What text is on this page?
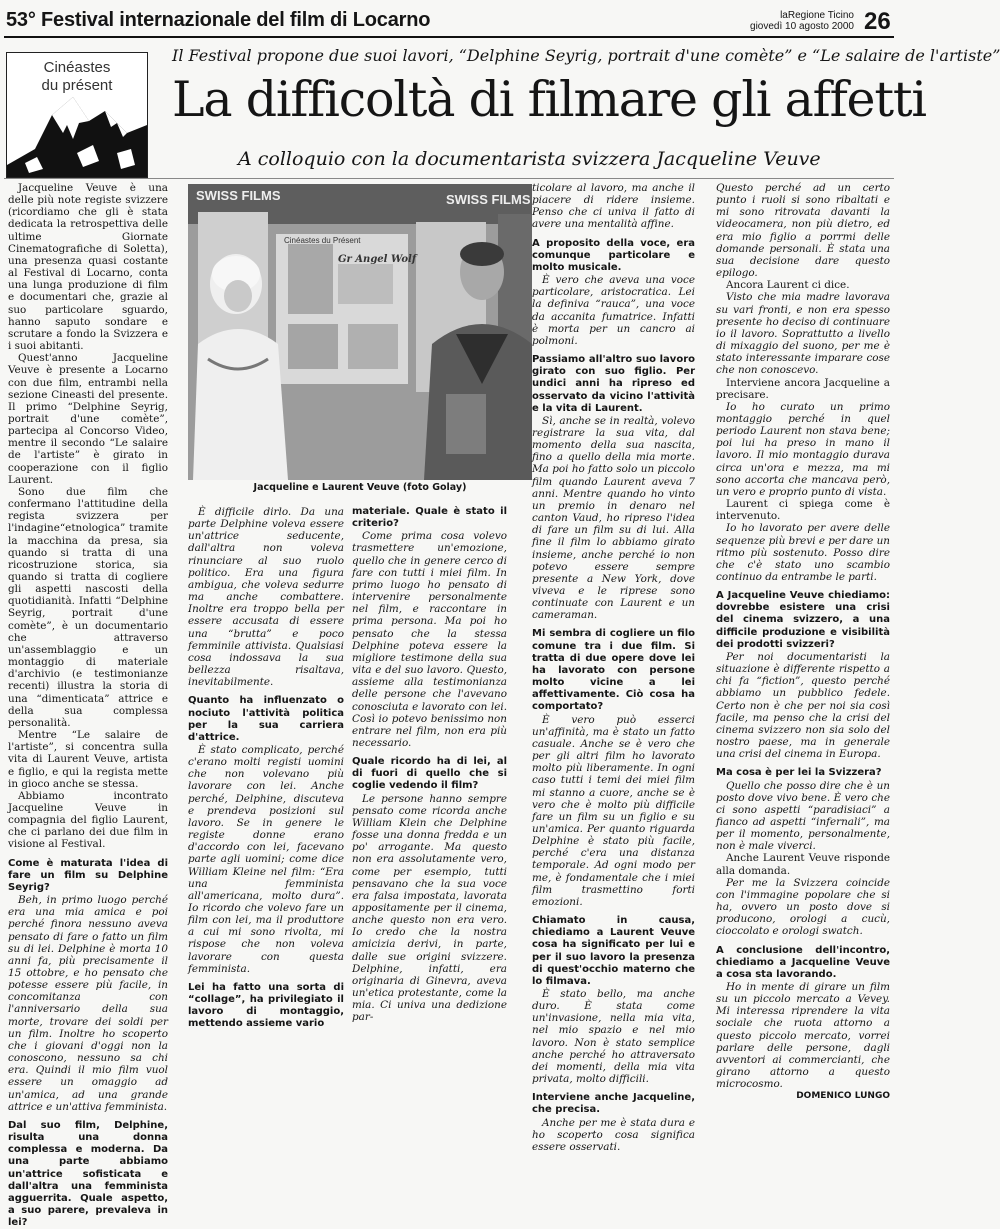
53° Festival internazionale del film di Locarno	laRegione Ticino
giovedì 10 agosto 2000 26
Cinéastes
du présent
Il Festival propone due suoi lavori, “Delphine Seyrig, portrait d'une comète” e “Le salaire de l'artiste”
La difficoltà di filmare gli affetti
A colloquio con la documentarista svizzera Jacqueline Veuve

Jacqueline Veuve è una delle più note registe svizzere (ricordiamo che gli è stata dedicata la retrospettiva delle ultime Giornate Cinematografiche di Soletta), una presenza quasi costante al Festival di Locarno, conta una lunga produzione di film e documentari che, grazie al suo particolare sguardo, hanno saputo sondare e scrutare a fondo la Svizzera e i suoi abitanti.

Quest'anno Jacqueline Veuve è presente a Locarno con due film, entrambi nella sezione Cineasti del presente. Il primo “Delphine Seyrig, portrait d'une comète”, partecipa al Concorso Video, mentre il secondo “Le salaire de l'artiste” è girato in cooperazione con il figlio Laurent.

Sono due film che confermano l'attitudine della regista svizzera per l'indagine“etnologica” tramite la macchina da presa, sia quando si tratta di una ricostruzione storica, sia quando si tratta di cogliere gli aspetti nascosti della quotidianità. Infatti “Delphine Seyrig, portrait d'une comète”, è un documentario che attraverso un'assemblaggio e un montaggio di materiale d'archivio (e testimonianze recenti) illustra la storia di una “dimenticata” attrice e della sua complessa personalità.

Mentre “Le salaire de l'artiste”, si concentra sulla vita di Laurent Veuve, artista e figlio, e qui la regista mette in gioco anche se stessa.

Abbiamo incontrato Jacqueline Veuve in compagnia del figlio Laurent, che ci parlano dei due film in visione al Festival.

Come è maturata l'idea di fare un film su Delphine Seyrig?

Beh, in primo luogo perché era una mia amica e poi perché finora nessuno aveva pensato di fare o fatto un film su di lei. Delphine è morta 10 anni fa, più precisamente il 15 ottobre, e ho pensato che potesse essere più facile, in concomitanza con l'anniversario della sua morte, trovare dei soldi per un film. Inoltre ho scoperto che i giovani d'oggi non la conoscono, nessuno sa chi era. Quindi il mio film vuol essere un omaggio ad un'amica, ad una grande attrice e un'attiva femminista.

Dal suo film, Delphine, risulta una donna complessa e moderna. Da una parte abbiamo un'attrice sofisticata e dall'altra una femminista agguerrita. Quale aspetto, a suo parere, prevaleva in lei?

SWISS FILMS	SWISS FILMS
Cinéastes du Présent
Gr Angel Wolf
Jacqueline e Laurent Veuve (foto Golay)

È difficile dirlo. Da una parte Delphine voleva essere un'attrice seducente, dall'altra non voleva rinunciare al suo ruolo politico. Era una figura ambigua, che voleva sedurre ma anche combattere. Inoltre era troppo bella per essere accusata di essere una “brutta” e poco femminile attivista. Qualsiasi cosa indossava la sua bellezza risaltava, inevitabilmente.

Quanto ha influenzato o nociuto l'attività politica per la sua carriera d'attrice.

È stato complicato, perché c'erano molti registi uomini che non volevano più lavorare con lei. Anche perché, Delphine, discuteva e prendeva posizioni sul lavoro. Se in genere le registe donne erano d'accordo con lei, facevano parte agli uomini; come dice William Kleine nel film: “Era una femminista all'americana, molto dura”. Io ricordo che volevo fare un film con lei, ma il produttore a cui mi sono rivolta, mi rispose che non voleva lavorare con questa femminista.

Lei ha fatto una sorta di “collage”, ha privilegiato il lavoro di montaggio, mettendo assieme vario

materiale. Quale è stato il criterio?

Come prima cosa volevo trasmettere un'emozione, quello che in genere cerco di fare con tutti i miei film. In primo luogo ho pensato di intervenire personalmente nel film, e raccontare in prima persona. Ma poi ho pensato che la stessa Delphine poteva essere la migliore testimone della sua vita e del suo lavoro. Questo, assieme alla testimonianza delle persone che l'avevano conosciuta e lavorato con lei. Così io potevo benissimo non entrare nel film, non era più necessario.

Quale ricordo ha di lei, al di fuori di quello che si coglie vedendo il film?

Le persone hanno sempre pensato come ricorda anche William Klein che Delphine fosse una donna fredda e un po' arrogante. Ma questo non era assolutamente vero, come per esempio, tutti pensavano che la sua voce era falsa impostata, lavorata appositamente per il cinema, anche questo non era vero. Io credo che la nostra amicizia derivi, in parte, dalle sue origini svizzere. Delphine, infatti, era originaria di Ginevra, aveva un'etica protestante, come la mia. Ci univa una dedizione par-

ticolare al lavoro, ma anche il piacere di ridere insieme. Penso che ci univa il fatto di avere una mentalità affine.

A proposito della voce, era comunque particolare e molto musicale.

È vero che aveva una voce particolare, aristocratica. Lei la definiva “rauca”, una voce da accanita fumatrice. Infatti è morta per un cancro ai polmoni.

Passiamo all'altro suo lavoro girato con suo figlio. Per undici anni ha ripreso ed osservato da vicino l'attività e la vita di Laurent.

Sì, anche se in realtà, volevo registrare la sua vita, dal momento della sua nascita, fino a quello della mia morte. Ma poi ho fatto solo un piccolo film quando Laurent aveva 7 anni. Mentre quando ho vinto un premio in denaro nel canton Vaud, ho ripreso l'idea di fare un film su di lui. Alla fine il film lo abbiamo girato insieme, anche perché io non potevo essere sempre presente a New York, dove viveva e le riprese sono continuate con Laurent e un cameraman.

Mi sembra di cogliere un filo comune tra i due film. Si tratta di due opere dove lei ha lavorato con persone molto vicine a lei affettivamente. Ciò cosa ha comportato?

È vero può esserci un'affinità, ma è stato un fatto casuale. Anche se è vero che per gli altri film ho lavorato molto più liberamente. In ogni caso tutti i temi dei miei film mi stanno a cuore, anche se è vero che è molto più difficile fare un film su un figlio e su un'amica. Per quanto riguarda Delphine è stato più facile, perché c'era una distanza temporale. Ad ogni modo per me, è fondamentale che i miei film trasmettino forti emozioni.

Chiamato in causa, chiediamo a Laurent Veuve cosa ha significato per lui e per il suo lavoro la presenza di quest'occhio materno che lo filmava.

È stato bello, ma anche duro. È stata come un'invasione, nella mia vita, nel mio spazio e nel mio lavoro. Non è stato semplice anche perché ho attraversato dei momenti, della mia vita privata, molto difficili.

Interviene anche Jacqueline, che precisa.

Anche per me è stata dura e ho scoperto cosa significa essere osservati.

Questo perché ad un certo punto i ruoli si sono ribaltati e mi sono ritrovata davanti la videocamera, non più dietro, ed era mio figlio a porrmi delle domande personali. È stata una sua decisione dare questo epilogo.

Ancora Laurent ci dice.

Visto che mia madre lavorava su vari fronti, e non era spesso presente ho deciso di continuare io il lavoro. Soprattutto a livello di mixaggio del suono, per me è stato interessante imparare cose che non conoscevo.

Interviene ancora Jacqueline a precisare.

Io ho curato un primo montaggio perché in quel periodo Laurent non stava bene; poi lui ha preso in mano il lavoro. Il mio montaggio durava circa un'ora e mezza, ma mi sono accorta che mancava però, un vero e proprio punto di vista.

Laurent ci spiega come è intervenuto.

Io ho lavorato per avere delle sequenze più brevi e per dare un ritmo più sostenuto. Posso dire che c'è stato uno scambio continuo da entrambe le parti.

A Jacqueline Veuve chiediamo: dovrebbe esistere una crisi del cinema svizzero, a una difficile produzione e visibilità dei prodotti svizzeri?

Per noi documentaristi la situazione è differente rispetto a chi fa “fiction”, questo perché abbiamo un pubblico fedele. Certo non è che per noi sia così facile, ma penso che la crisi del cinema svizzero non sia solo del nostro paese, ma in generale una crisi del cinema in Europa.

Ma cosa è per lei la Svizzera?

Quello che posso dire che è un posto dove vivo bene. È vero che ci sono aspetti “paradisiaci” a fianco ad aspetti “infernali”, ma per il momento, personalmente, non è male viverci.

Anche Laurent Veuve risponde alla domanda.

Per me la Svizzera coincide con l'immagine popolare che si ha, ovvero un posto dove si producono, orologi a cucù, cioccolato e orologi swatch.

A conclusione dell'incontro, chiediamo a Jacqueline Veuve a cosa sta lavorando.

Ho in mente di girare un film su un piccolo mercato a Vevey. Mi interessa riprendere la vita sociale che ruota attorno a questo piccolo mercato, vorrei parlare delle persone, dagli avventori ai commercianti, che girano attorno a questo microcosmo.

DOMENICO LUNGO
